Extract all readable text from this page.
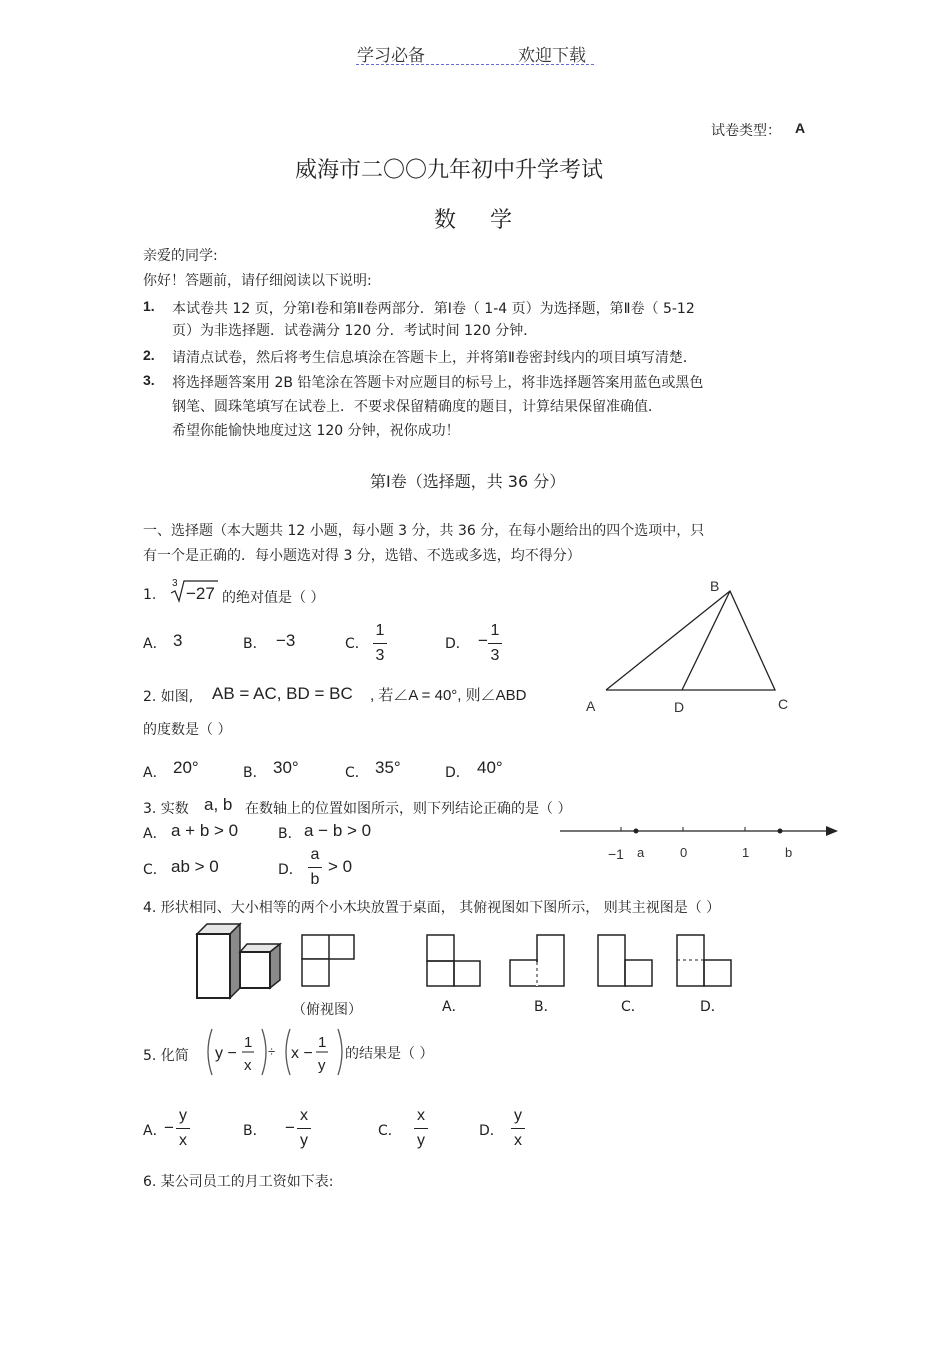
学习必备	欢迎下载
试卷类型： A
威海市二〇〇九年初中升学考试
数学
亲爱的同学:
你好！答题前，请仔细阅读以下说明:
1. 本试卷共 12 页，分第Ⅰ卷和第Ⅱ卷两部分．第Ⅰ卷（ 1-4 页）为选择题，第Ⅱ卷（ 5-12
页）为非选择题．试卷满分 120 分．考试时间 120 分钟．
2. 请清点试卷，然后将考生信息填涂在答题卡上，并将第Ⅱ卷密封线内的项目填写清楚．
3. 将选择题答案用 2B 铅笔涂在答题卡对应题目的标号上，将非选择题答案用蓝色或黑色
钢笔、圆珠笔填写在试卷上．不要求保留精确度的题目，计算结果保留准确值．
希望你能愉快地度过这 120 分钟，祝你成功！
第Ⅰ卷（选择题，共 36 分）
一、选择题（本大题共 12 小题，每小题 3 分，共 36 分，在每小题给出的四个选项中，只
有一个是正确的．每小题选对得 3 分，选错、不选或多选，均不得分）
1.
3
−27 的绝对值是（ ）
A． 3	B． −3	C．
1
3
D． −
1
3
B
A	D	C
2. 如图, AB = AC, BD = BC , 若∠A = 40°, 则∠ABD
的度数是（ ）
A． 20°	B． 30°	C． 35°	D． 40°
3. 实数 a, b 在数轴上的位置如图所示，则下列结论正确的是（ ）
A． a + b > 0	B． a − b > 0
C． ab > 0	D．
a
b
> 0
−1 a	0	1	b
4. 形状相同、大小相等的两个小木块放置于桌面， 其俯视图如下图所示， 则其主视图是（ ）
（俯视图）	A．	B．	C．	D．
5. 化简 y −
1
x
÷ x −
1
y
的结果是（ ）
A．
−
y
x
B． −
x
y
C．
x
y
D．
y
x
6. 某公司员工的月工资如下表:
